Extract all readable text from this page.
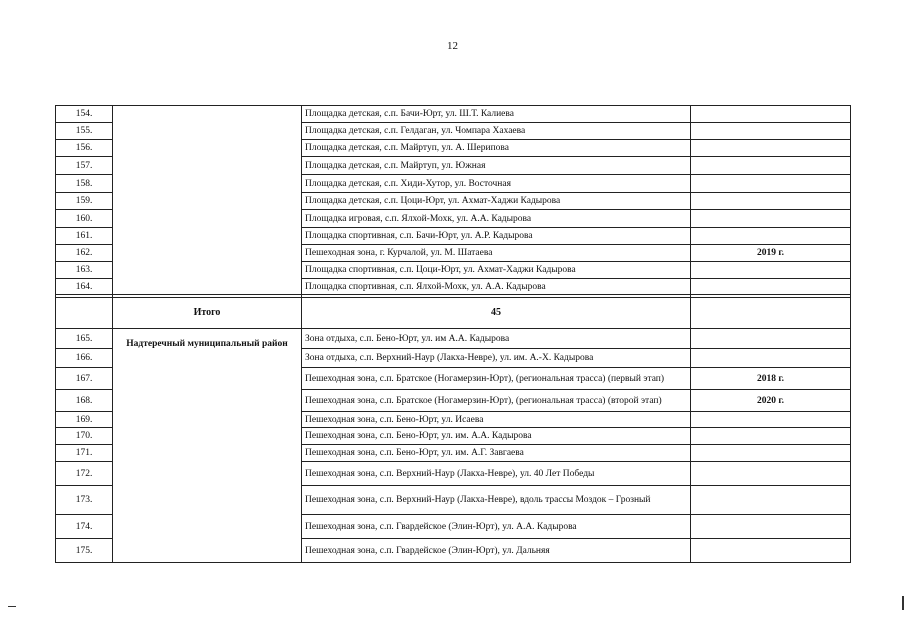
12
154.		Площадка детская, с.п. Бачи-Юрт, ул. Ш.Т. Калиева	
155.		Площадка детская, с.п. Гелдаган, ул. Чомпара Хахаева	
156.		Площадка детская, с.п. Майртуп, ул. А. Шерипова	
157.		Площадка детская, с.п. Майртуп, ул. Южная	
158.		Площадка детская, с.п. Хиди-Хутор, ул. Восточная	
159.		Площадка детская, с.п. Цоци-Юрт, ул. Ахмат-Хаджи Кадырова	
160.		Площадка игровая, с.п. Ялхой-Мохк, ул. А.А. Кадырова	
161.		Площадка спортивная, с.п. Бачи-Юрт, ул. А.Р. Кадырова	
162.		Пешеходная зона, г. Курчалой, ул. М. Шатаева	2019 г.
163.		Площадка спортивная, с.п. Цоци-Юрт, ул. Ахмат-Хаджи Кадырова	
164.		Площадка спортивная, с.п. Ялхой-Мохк, ул. А.А. Кадырова	

	Итого	45	
165.	Надтеречный муниципальный район	Зона отдыха, с.п. Бено-Юрт, ул. им А.А. Кадырова	
166.		Зона отдыха, с.п. Верхний-Наур (Лакха-Невре), ул. им. А.-Х. Кадырова	
167.		Пешеходная зона, с.п. Братское (Ногамерзин-Юрт), (региональная трасса) (первый этап)	2018 г.
168.		Пешеходная зона, с.п. Братское (Ногамерзин-Юрт), (региональная трасса) (второй этап)	2020 г.
169.		Пешеходная зона, с.п. Бено-Юрт, ул. Исаева	
170.		Пешеходная зона, с.п. Бено-Юрт, ул. им. А.А. Кадырова	
171.		Пешеходная зона, с.п. Бено-Юрт, ул. им. А.Г. Завгаева	
172.		Пешеходная зона, с.п. Верхний-Наур (Лакха-Невре), ул. 40 Лет Победы	
173.		Пешеходная зона, с.п. Верхний-Наур (Лакха-Невре), вдоль трассы Моздок – Грозный	
174.		Пешеходная зона, с.п. Гвардейское (Элин-Юрт), ул. А.А. Кадырова	
175.		Пешеходная зона, с.п. Гвардейское (Элин-Юрт), ул. Дальняя	
